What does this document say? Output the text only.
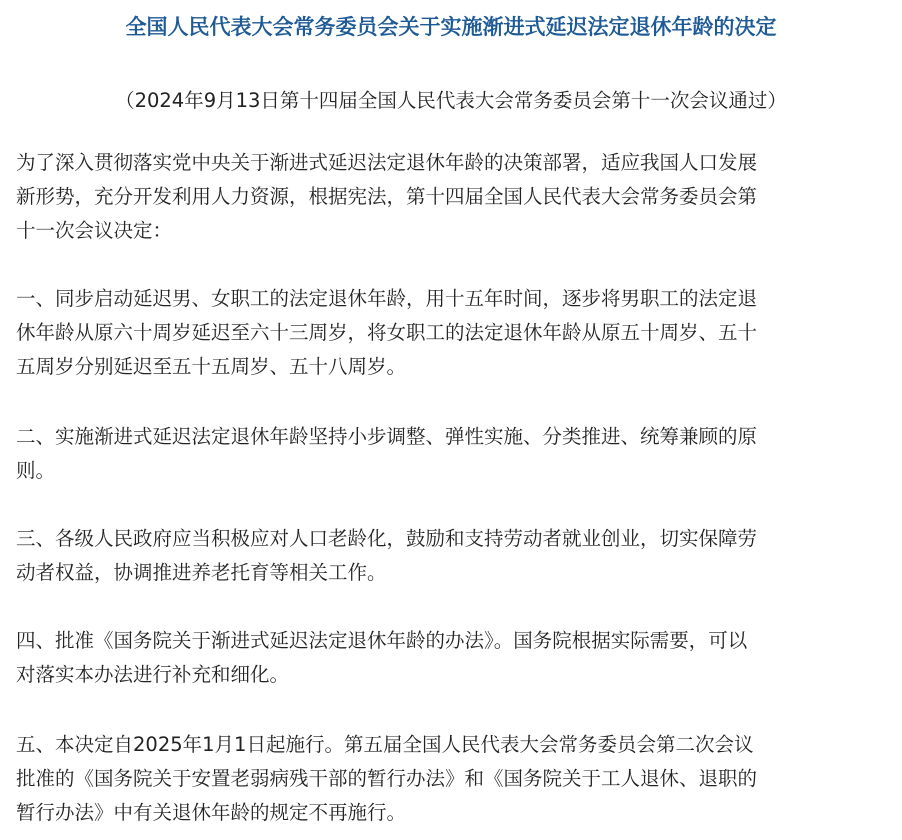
全国人民代表大会常务委员会关于实施渐进式延迟法定退休年龄的决定
（2024年9月13日第十四届全国人民代表大会常务委员会第十一次会议通过）
为了深入贯彻落实党中央关于渐进式延迟法定退休年龄的决策部署，适应我国人口发展
新形势，充分开发利用人力资源，根据宪法，第十四届全国人民代表大会常务委员会第
十一次会议决定：
一、同步启动延迟男、女职工的法定退休年龄，用十五年时间，逐步将男职工的法定退
休年龄从原六十周岁延迟至六十三周岁，将女职工的法定退休年龄从原五十周岁、五十
五周岁分别延迟至五十五周岁、五十八周岁。
二、实施渐进式延迟法定退休年龄坚持小步调整、弹性实施、分类推进、统筹兼顾的原
则。
三、各级人民政府应当积极应对人口老龄化，鼓励和支持劳动者就业创业，切实保障劳
动者权益，协调推进养老托育等相关工作。
四、批准《国务院关于渐进式延迟法定退休年龄的办法》。国务院根据实际需要，可以
对落实本办法进行补充和细化。
五、本决定自2025年1月1日起施行。第五届全国人民代表大会常务委员会第二次会议
批准的《国务院关于安置老弱病残干部的暂行办法》和《国务院关于工人退休、退职的
暂行办法》中有关退休年龄的规定不再施行。
